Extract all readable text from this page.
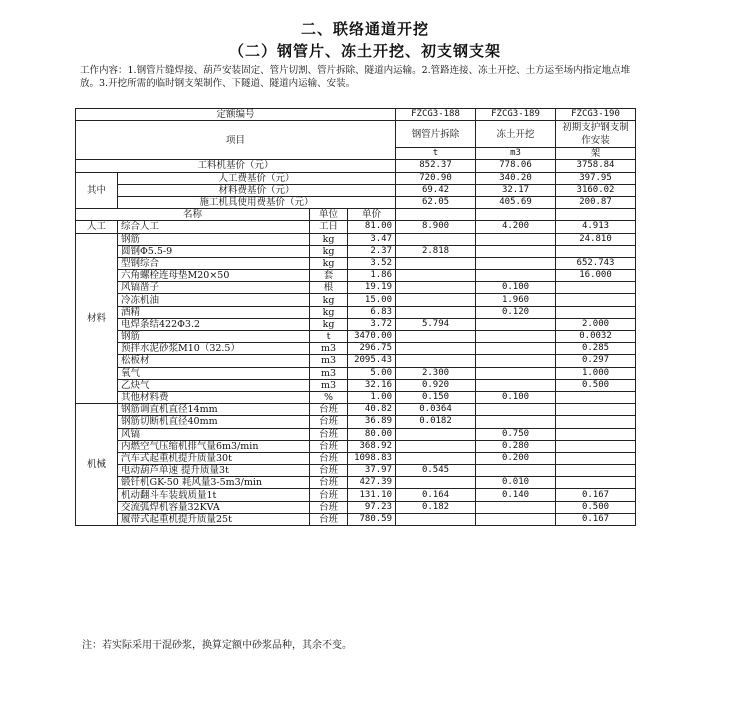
二、联络通道开挖
（二）钢管片、冻土开挖、初支钢支架
工作内容：1.钢管片缝焊接、葫芦安装固定、管片切割、管片拆除、隧道内运输。2.管路连接、冻土开挖、土方运至场内指定地点堆放。3.开挖所需的临时钢支架制作、下隧道、隧道内运输、安装。
定额编号				FZCG3-188	FZCG3-189	FZCG3-190
项目				钢管片拆除	冻土开挖	初期支护钢支制作安装
				t	m3	架
工料机基价（元）				852.37	778.06	3758.84
其中	人工费基价（元）			720.90	340.20	397.95
	材料费基价（元）			69.42	32.17	3160.02
	施工机具使用费基价（元）			62.05	405.69	200.87
名称		单位	单价			
人工	综合人工	工日	81.00	8.900	4.200	4.913
材料	钢筋	kg	3.47			24.810
	圆钢Φ5.5-9	kg	2.37	2.818		
	型钢综合	kg	3.52			652.743
	六角螺栓连母垫M20×50	套	1.86			16.000
	风镐凿子	根	19.19		0.100	
	冷冻机油	kg	15.00		1.960	
	酒精	kg	6.83		0.120	
	电焊条结422Φ3.2	kg	3.72	5.794		2.000
	钢筋	t	3470.00			0.0032
	预拌水泥砂浆M10（32.5）	m3	296.75			0.285
	松板材	m3	2095.43			0.297
	氧气	m3	5.00	2.300		1.000
	乙炔气	m3	32.16	0.920		0.500
	其他材料费	%	1.00	0.150	0.100	
机械	钢筋调直机直径14mm	台班	40.82	0.0364		
	钢筋切断机直径40mm	台班	36.89	0.0182		
	风镐	台班	80.00		0.750	
	内燃空气压缩机排气量6m3/min	台班	368.92		0.280	
	汽车式起重机提升质量30t	台班	1098.83		0.200	
	电动葫芦单速 提升质量3t	台班	37.97	0.545		
	锻钎机GK-50 耗风量3-5m3/min	台班	427.39		0.010	
	机动翻斗车装载质量1t	台班	131.10	0.164	0.140	0.167
	交流弧焊机容量32KVA	台班	97.23	0.182		0.500
	履带式起重机提升质量25t	台班	780.59			0.167
注：若实际采用干混砂浆，换算定额中砂浆品种，其余不变。
